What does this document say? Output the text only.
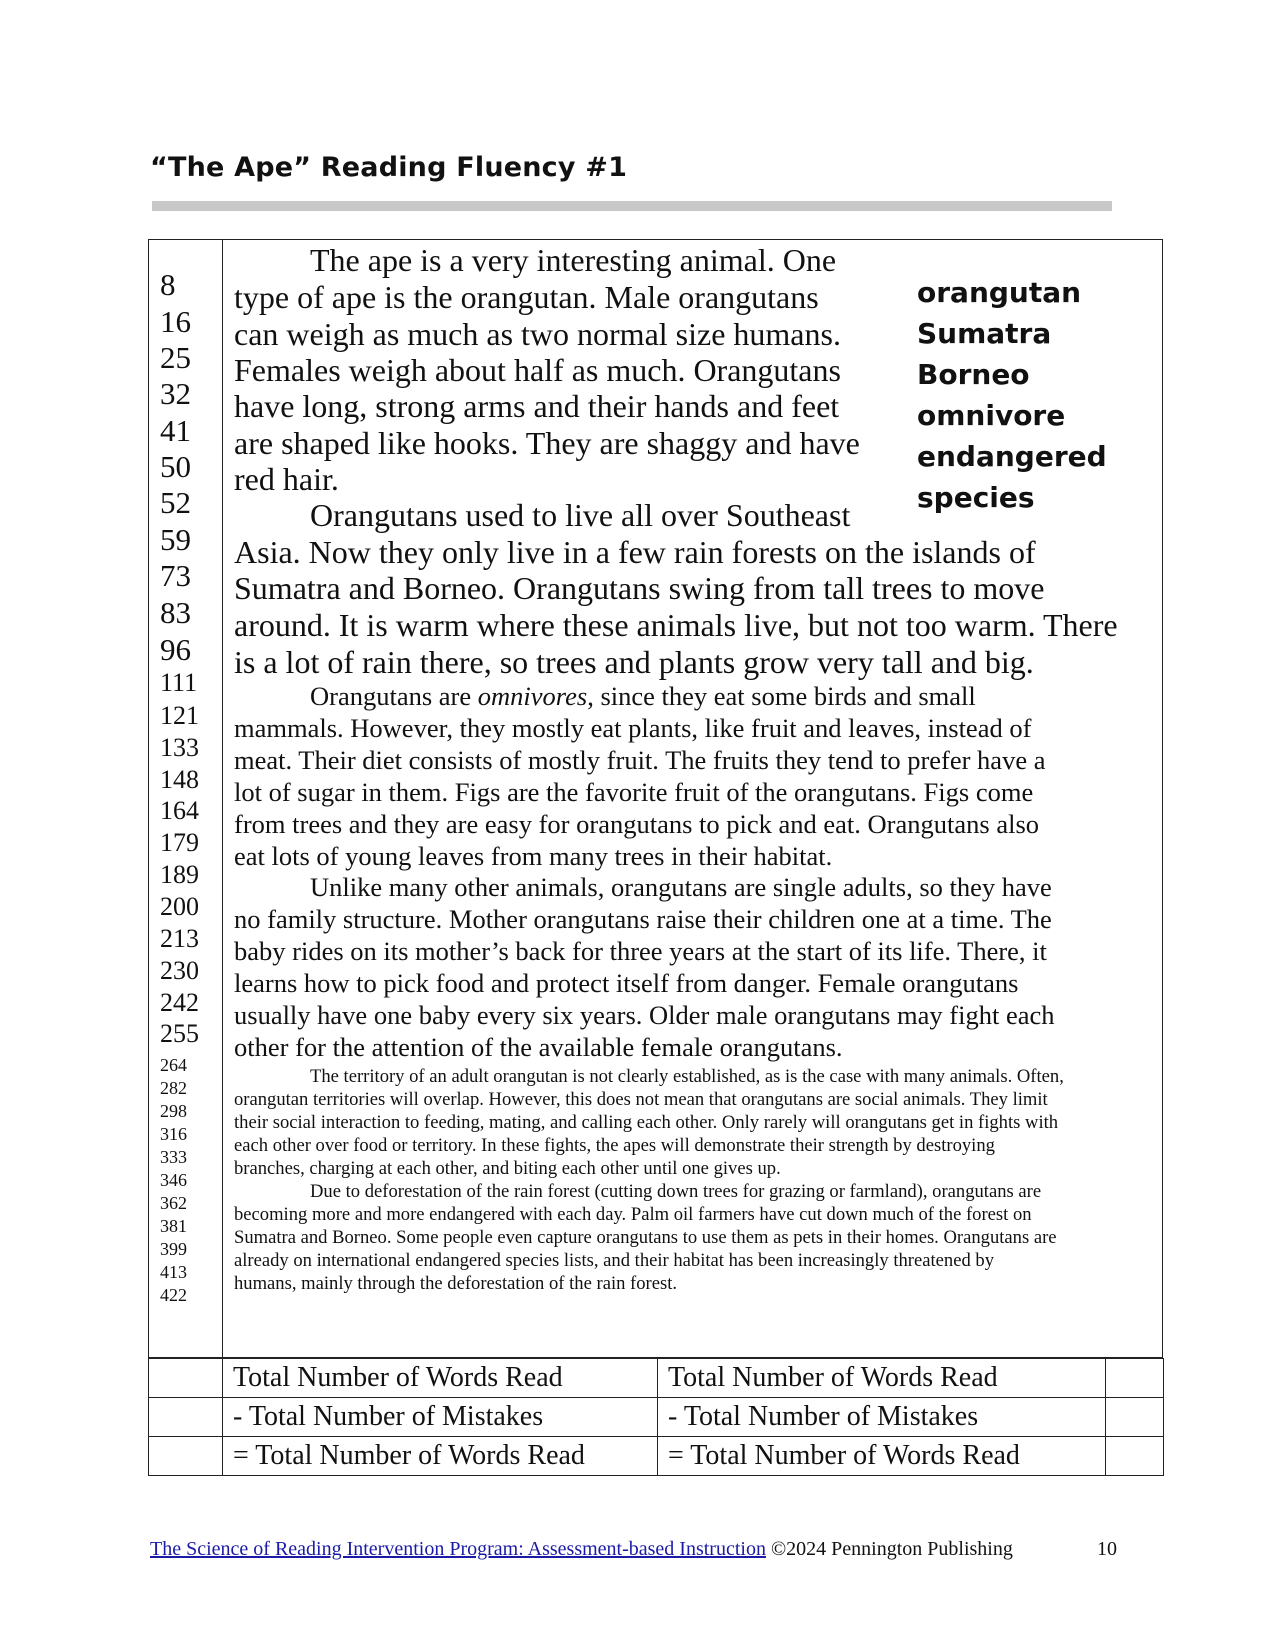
“The Ape” Reading Fluency #1
8
16
25
32
41
50
52
59
73
83
96
111
121
133
148
164
179
189
200
213
230
242
255
264
282
298
316
333
346
362
381
399
413
422
orangutan
Sumatra
Borneo
omnivore
endangered
species
The ape is a very interesting animal. One
type of ape is the orangutan. Male orangutans
can weigh as much as two normal size humans.
Females weigh about half as much. Orangutans
have long, strong arms and their hands and feet
are shaped like hooks. They are shaggy and have
red hair.
Orangutans used to live all over Southeast
Asia. Now they only live in a few rain forests on the islands of
Sumatra and Borneo. Orangutans swing from tall trees to move
around. It is warm where these animals live, but not too warm. There
is a lot of rain there, so trees and plants grow very tall and big.
Orangutans are omnivores, since they eat some birds and small
mammals. However, they mostly eat plants, like fruit and leaves, instead of
meat. Their diet consists of mostly fruit. The fruits they tend to prefer have a
lot of sugar in them. Figs are the favorite fruit of the orangutans. Figs come
from trees and they are easy for orangutans to pick and eat. Orangutans also
eat lots of young leaves from many trees in their habitat.
Unlike many other animals, orangutans are single adults, so they have
no family structure. Mother orangutans raise their children one at a time. The
baby rides on its mother’s back for three years at the start of its life. There, it
learns how to pick food and protect itself from danger. Female orangutans
usually have one baby every six years. Older male orangutans may fight each
other for the attention of the available female orangutans.
The territory of an adult orangutan is not clearly established, as is the case with many animals. Often,
orangutan territories will overlap. However, this does not mean that orangutans are social animals. They limit
their social interaction to feeding, mating, and calling each other. Only rarely will orangutans get in fights with
each other over food or territory. In these fights, the apes will demonstrate their strength by destroying
branches, charging at each other, and biting each other until one gives up.
Due to deforestation of the rain forest (cutting down trees for grazing or farmland), orangutans are
becoming more and more endangered with each day. Palm oil farmers have cut down much of the forest on
Sumatra and Borneo. Some people even capture orangutans to use them as pets in their homes. Orangutans are
already on international endangered species lists, and their habitat has been increasingly threatened by
humans, mainly through the deforestation of the rain forest.
	Total Number of Words Read	Total Number of Words Read	
	- Total Number of Mistakes	- Total Number of Mistakes	
	= Total Number of Words Read	= Total Number of Words Read	
The Science of Reading Intervention Program: Assessment-based Instruction ©2024 Pennington Publishing	10
